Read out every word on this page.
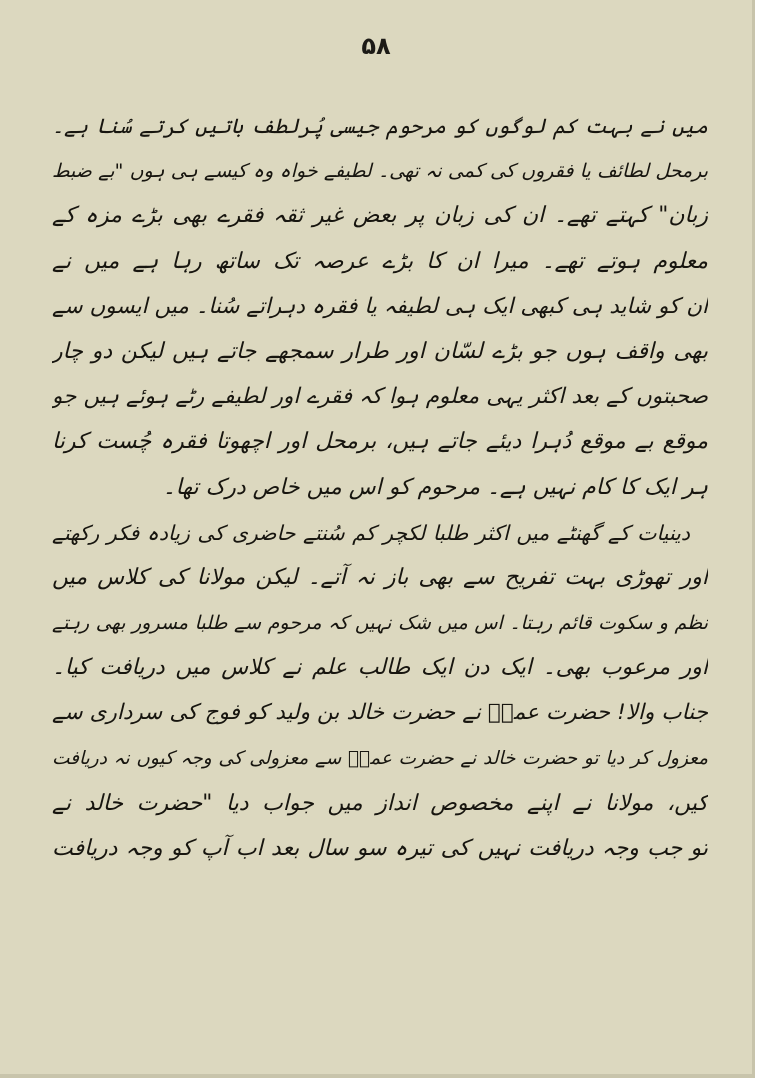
۵۸
میں نے بہت کم لوگوں کو مرحوم جیسی پُرلطف باتیں کرتے سُنا ہے۔
برمحل لطائف یا فقروں کی کمی نہ تھی۔ لطیفے خواہ وہ کیسے ہی ہوں "بے ضبط
زبان" کہتے تھے۔ ان کی زبان پر بعض غیر ثقہ فقرے بھی بڑے مزہ کے
معلوم ہوتے تھے۔ میرا ان کا بڑے عرصہ تک ساتھ رہا ہے میں نے
ان کو شاید ہی کبھی ایک ہی لطیفہ یا فقرہ دہراتے سُنا۔ میں ایسوں سے
بھی واقف ہوں جو بڑے لسّان اور طرار سمجھے جاتے ہیں لیکن دو چار
صحبتوں کے بعد اکثر یہی معلوم ہوا کہ فقرے اور لطیفے رٹے ہوئے ہیں جو
موقع بے موقع دُہرا دیئے جاتے ہیں، برمحل اور اچھوتا فقرہ چُست کرنا
ہر ایک کا کام نہیں ہے۔ مرحوم کو اس میں خاص درک تھا۔
دینیات کے گھنٹے میں اکثر طلبا لکچر کم سُنتے حاضری کی زیادہ فکر رکھتے
اور تھوڑی بہت تفریح سے بھی باز نہ آتے۔ لیکن مولانا کی کلاس میں
نظم و سکوت قائم رہتا۔ اس میں شک نہیں کہ مرحوم سے طلبا مسرور بھی رہتے
اور مرعوب بھی۔ ایک دن ایک طالب علم نے کلاس میں دریافت کیا۔
جناب والا! حضرت عمرؓ نے حضرت خالد بن ولید کو فوج کی سرداری سے
معزول کر دیا تو حضرت خالد نے حضرت عمرؓ سے معزولی کی وجہ کیوں نہ دریافت
کیں، مولانا نے اپنے مخصوص انداز میں جواب دیا "حضرت خالد نے
تو جب وجہ دریافت نہیں کی تیرہ سو سال بعد اب آپ کو وجہ دریافت
